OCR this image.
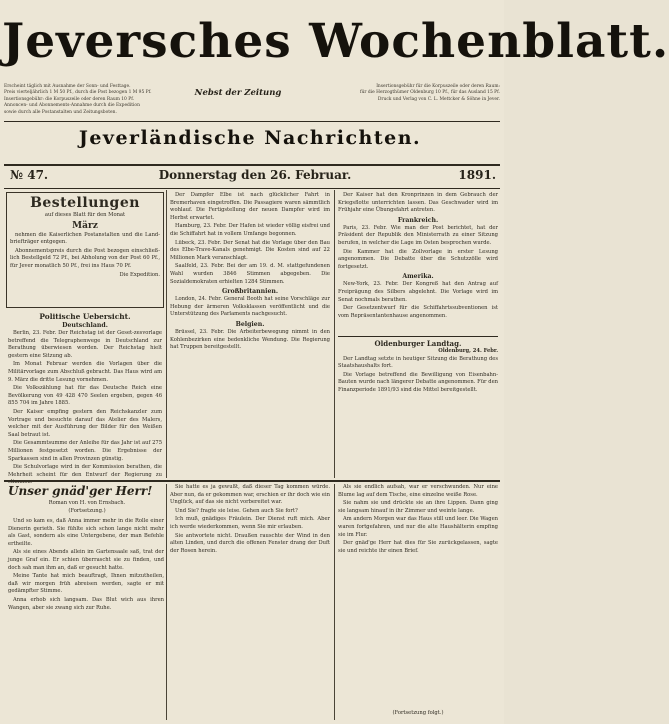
Jeversches Wochenblatt.
Erscheint täglich mit Ausnahme der Sonn- und Festtage.
Preis vierteljährlich 1 M 50 Pf., durch die Post bezogen 1 M 95 Pf.
Insertionsgebühr: die Korpuszeile oder deren Raum 10 Pf.
Annoncen- und Abonnements-Annahme durch die Expedition
sowie durch alle Postanstalten und Zeitungsboten.
Nebst der Zeitung
Insertionsgebühr für die Korpuszeile oder deren Raum:
für die Herzogthümer Oldenburg 10 Pf., für das Ausland 15 Pf.
Druck und Verlag von C. L. Mettcker & Söhne in Jever.
Jeverländische Nachrichten.
№ 47.	Donnerstag den 26. Februar.	1891.
Bestellungen
auf dieses Blatt für den Monat
März

nehmen die Kaiserlichen Postanstalten und die Land-briefträger entgegen.

Abonnementspreis durch die Post bezogen einschließ-lich Bestellgeld 72 Pf., bei Abholung von der Post 60 Pf., für Jever monatlich 50 Pf., frei ins Haus 70 Pf.

Die Expedition.
Politische Uebersicht.
Deutschland.

Berlin, 23. Febr. Der Reichstag ist der Geset-zesvorlage betreffend die Telegraphenwege in Deutschland zur Berathung überwiesen worden. Der Reichstag hielt gestern eine Sitzung ab.

Im Monat Februar werden die Vorlagen über die Militärvorlage zum Abschluß gebracht. Das Haus wird am 9. März die dritte Lesung vornehmen.

Die Volkszählung hat für das Deutsche Reich eine Bevölkerung von 49 428 470 Seelen ergeben, gegen 46 855 704 im Jahre 1885.

Der Kaiser empfing gestern den Reichskanzler zum Vortrage und besuchte darauf das Atelier des Malers, welcher mit der Ausführung der Bilder für den Weißen Saal betraut ist.

Die Gesammtsumme der Anleihe für das Jahr ist auf 275 Millionen festgesetzt worden. Die Ergebnisse der Sparkassen sind in allen Provinzen günstig.

Die Schulvorlage wird in der Kommission berathen, die Mehrheit scheint für den Entwurf der Regierung zu stimmen.

Der Dampfer Elbe ist nach glücklicher Fahrt in Bremerhaven eingetroffen. Die Passagiere waren sämmtlich wohlauf. Die Fertigstellung der neuen Dampfer wird im Herbst erwartet.

Hamburg, 23. Febr. Der Hafen ist wieder völlig eisfrei und die Schiffahrt hat in vollem Umfange begonnen.

Lübeck, 23. Febr. Der Senat hat die Vorlage über den Bau des Elbe-Trave-Kanals genehmigt. Die Kosten sind auf 22 Millionen Mark veranschlagt.

Saalfeld, 23. Febr. Bei der am 19. d. M. stattgefundenen Wahl wurden 3846 Stimmen abgegeben. Die Sozialdemokraten erhielten 1284 Stimmen.

Großbritannien.

London, 24. Febr. General Booth hat seine Vorschläge zur Hebung der ärmeren Volksklassen veröffentlicht und die Unterstützung des Parlaments nachgesucht.

Belgien.

Brüssel, 23. Febr. Die Arbeiterbewegung nimmt in den Kohlenbezirken eine bedenkliche Wendung. Die Regierung hat Truppen bereitgestellt.

Der Kaiser hat den Kronprinzen in dem Gebrauch der Kriegsflotte unterrichten lassen. Das Geschwader wird im Frühjahr eine Übungsfahrt antreten.

Frankreich.

Paris, 23. Febr. Wie man der Post berichtet, hat der Präsident der Republik den Ministerrath zu einer Sitzung berufen, in welcher die Lage im Osten besprochen wurde.

Die Kammer hat die Zollvorlage in erster Lesung angenommen. Die Debatte über die Schutzzölle wird fortgesetzt.

Amerika.

New-York, 23. Febr. Der Kongreß hat den Antrag auf Freiprägung des Silbers abgelehnt. Die Vorlage wird im Senat nochmals berathen.

Der Gesetzentwurf für die Schiffahrtssubventionen ist vom Repräsentantenhause angenommen.

Oldenburger Landtag.
Oldenburg, 24. Febr.

Der Landtag setzte in heutiger Sitzung die Berathung des Staatshaushalts fort.

Die Vorlage betreffend die Bewilligung von Eisenbahn-Bauten wurde nach längerer Debatte angenommen. Für den Finanzperiode 1891/93 sind die Mittel bereitgestellt.

Unser gnäd'ger Herr!
Roman von H. von Ernsbach.
(Fortsetzung.)

Und so kam es, daß Anna immer mehr in die Rolle einer Dienerin gerieth. Sie fühlte sich schon lange nicht mehr als Gast, sondern als eine Untergebene, der man Befehle ertheilte.

Als sie eines Abends allein im Gartensaale saß, trat der junge Graf ein. Er schien überrascht sie zu finden, und doch sah man ihm an, daß er gesucht hatte.

Meine Tante hat mich beauftragt, Ihnen mitzutheilen, daß wir morgen früh abreisen werden, sagte er mit gedämpfter Stimme.

Anna erhob sich langsam. Das Blut wich aus ihren Wangen, aber sie zwang sich zur Ruhe.

Sie hatte es ja gewußt, daß dieser Tag kommen würde. Aber nun, da er gekommen war, erschien er ihr doch wie ein Unglück, auf das sie nicht vorbereitet war.

Und Sie? fragte sie leise. Gehen auch Sie fort?

Ich muß, gnädiges Fräulein. Der Dienst ruft mich. Aber ich werde wiederkommen, wenn Sie mir erlauben.

Sie antwortete nicht. Draußen rauschte der Wind in den alten Linden, und durch die offenen Fenster drang der Duft der Rosen herein.

Als sie endlich aufsah, war er verschwunden. Nur eine Blume lag auf dem Tische, eine einzelne weiße Rose.

Sie nahm sie und drückte sie an ihre Lippen. Dann ging sie langsam hinauf in ihr Zimmer und weinte lange.

Am andern Morgen war das Haus still und leer. Die Wagen waren fortgefahren, und nur die alte Haushälterin empfing sie im Flur.

Der gnäd'ge Herr hat dies für Sie zurückgelassen, sagte sie und reichte ihr einen Brief.

(Fortsetzung folgt.)
